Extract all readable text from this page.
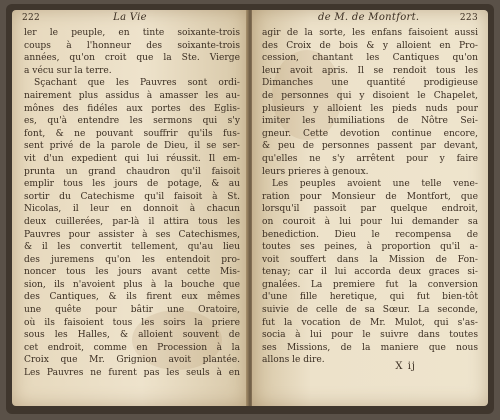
222	La Vie
ler le peuple, en tinte soixante-trois
coups à l'honneur des soixante-trois
années, qu'on croit que la Ste. Vierge
a vécu sur la terre.
Sçachant que les Pauvres sont ordi-
nairement plus assidus à amasser les au-
mônes des fidéles aux portes des Eglis-
es, qu'à entendre les sermons qui s'y
font, & ne pouvant souffrir qu'ils fus-
sent privé de la parole de Dieu, il se ser-
vit d'un expedient qui lui réussit. Il em-
prunta un grand chaudron qu'il faisoit
emplir tous les jours de potage, & au
sortir du Catechisme qu'il faisoit à St.
Nicolas, il leur en donnoit à chacun
deux cuillerées, par-là il attira tous les
Pauvres pour assister à ses Catechismes,
& il les convertit tellement, qu'au lieu
des juremens qu'on les entendoit pro-
noncer tous les jours avant cette Mis-
sion, ils n'avoient plus à la bouche que
des Cantiques, & ils firent eux mêmes
une quête pour bâtir une Oratoire,
où ils faisoient tous les soirs la priere
sous les Halles, & alloient souvent de
cet endroit, comme en Procession à la
Croix que Mr. Grignion avoit plantée.
Les Pauvres ne furent pas les seuls à en
de M. de Montfort.	223
agir de la sorte, les enfans faisoient aussi
des Croix de bois & y alloient en Pro-
cession, chantant les Cantiques qu'on
leur avoit apris. Il se rendoit tous les
Dimanches une quantité prodigieuse
de personnes qui y disoient le Chapelet,
plusieurs y alloient les pieds nuds pour
imiter les humiliations de Nôtre Sei-
gneur. Cette devotion continue encore,
& peu de personnes passent par devant,
qu'elles ne s'y arrêtent pour y faire
leurs prieres à genoux.
Les peuples avoient une telle vene-
ration pour Monsieur de Montfort, que
lorsqu'il passoit par quelque endroit,
on couroit à lui pour lui demander sa
benediction. Dieu le recompensa de
toutes ses peines, à proportion qu'il a-
voit souffert dans la Mission de Fon-
tenay; car il lui accorda deux graces si-
gnalées. La premiere fut la conversion
d'une fille heretique, qui fut bien-tôt
suivie de celle de sa Sœur. La seconde,
fut la vocation de Mr. Mulot, qui s'as-
socia à lui pour le suivre dans toutes
ses Missions, de la maniere que nous
allons le dire.
X ij
